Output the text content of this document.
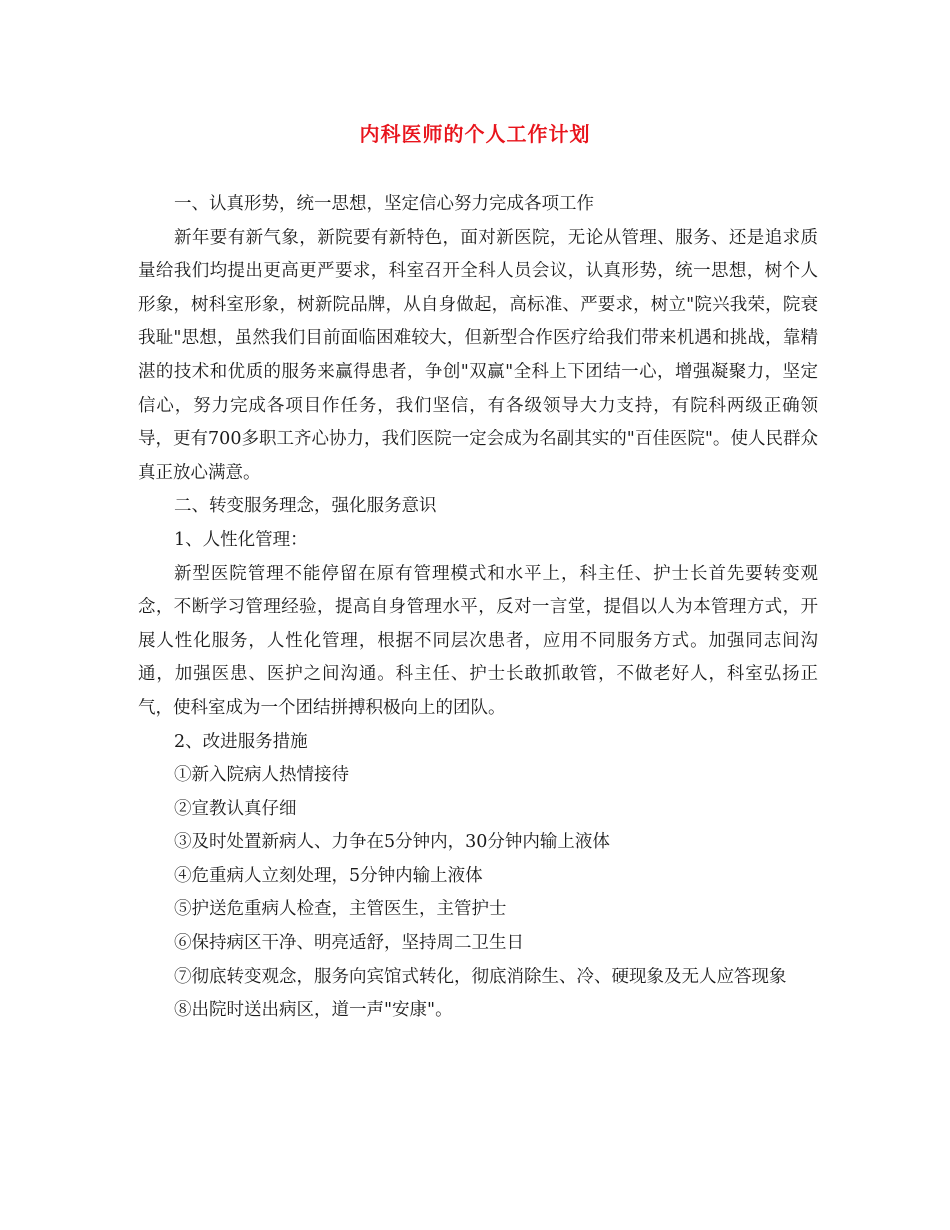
内科医师的个人工作计划

一、认真形势，统一思想，坚定信心努力完成各项工作

新年要有新气象，新院要有新特色，面对新医院，无论从管理、服务、还是追求质量给我们均提出更高更严要求，科室召开全科人员会议，认真形势，统一思想，树个人形象，树科室形象，树新院品牌，从自身做起，高标准、严要求，树立"院兴我荣，院衰我耻"思想，虽然我们目前面临困难较大，但新型合作医疗给我们带来机遇和挑战，靠精湛的技术和优质的服务来赢得患者，争创"双赢"全科上下团结一心，增强凝聚力，坚定信心，努力完成各项目作任务，我们坚信，有各级领导大力支持，有院科两级正确领导，更有700多职工齐心协力，我们医院一定会成为名副其实的"百佳医院"。使人民群众真正放心满意。

二、转变服务理念，强化服务意识

1、人性化管理：

新型医院管理不能停留在原有管理模式和水平上，科主任、护士长首先要转变观念，不断学习管理经验，提高自身管理水平，反对一言堂，提倡以人为本管理方式，开展人性化服务，人性化管理，根据不同层次患者，应用不同服务方式。加强同志间沟通，加强医患、医护之间沟通。科主任、护士长敢抓敢管，不做老好人，科室弘扬正气，使科室成为一个团结拼搏积极向上的团队。

2、改进服务措施

①新入院病人热情接待

②宣教认真仔细

③及时处置新病人、力争在5分钟内，30分钟内输上液体

④危重病人立刻处理，5分钟内输上液体

⑤护送危重病人检查，主管医生，主管护士

⑥保持病区干净、明亮适舒，坚持周二卫生日

⑦彻底转变观念，服务向宾馆式转化，彻底消除生、冷、硬现象及无人应答现象

⑧出院时送出病区，道一声"安康"。
